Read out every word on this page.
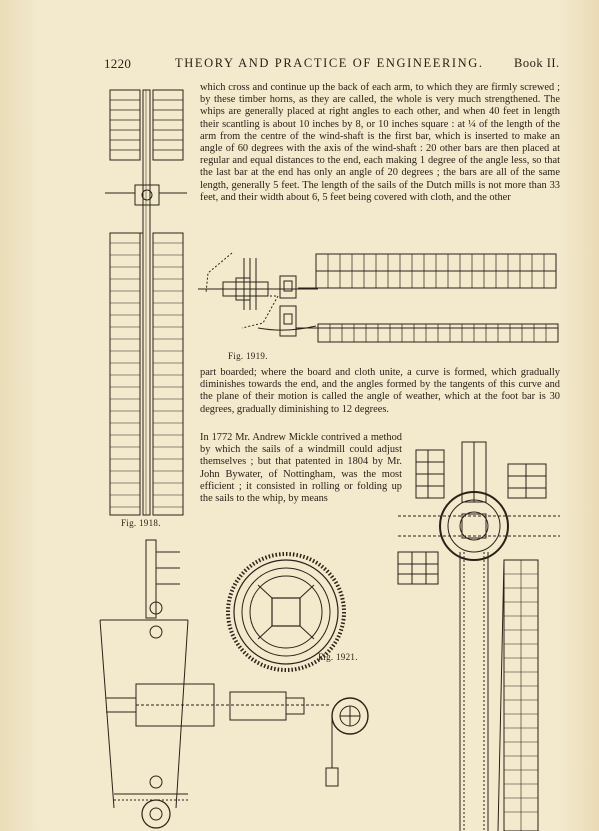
1220	THEORY AND PRACTICE OF ENGINEERING. Book II.

which cross and continue up the back of each arm, to which they are firmly screwed ; by these timber horns, as they are called, the whole is very much strengthened. The whips are generally placed at right angles to each other, and when 40 feet in length their scantling is about 10 inches by 8, or 10 inches square : at ¼ of the length of the arm from the centre of the wind-shaft is the first bar, which is inserted to make an angle of 60 degrees with the axis of the wind-shaft : 20 other bars are then placed at regular and equal distances to the end, each making 1 degree of the angle less, so that the last bar at the end has only an angle of 20 degrees ; the bars are all of the same length, generally 5 feet. The length of the sails of the Dutch mills is not more than 33 feet, and their width about 6, 5 feet being covered with cloth, and the other

part boarded; where the board and cloth unite, a curve is formed, which gradually diminishes towards the end, and the angles formed by the tangents of this curve and the plane of their motion is called the angle of weather, which at the foot bar is 30 degrees, gradually diminishing to 12 degrees.

In 1772 Mr. Andrew Mickle contrived a method by which the sails of a windmill could adjust themselves ; but that patented in 1804 by Mr. John Bywater, of Nottingham, was the most efficient ; it consisted in rolling or folding up the sails to the whip, by means

Fig. 1918.
Fig. 1919.
Fig. 1921.
